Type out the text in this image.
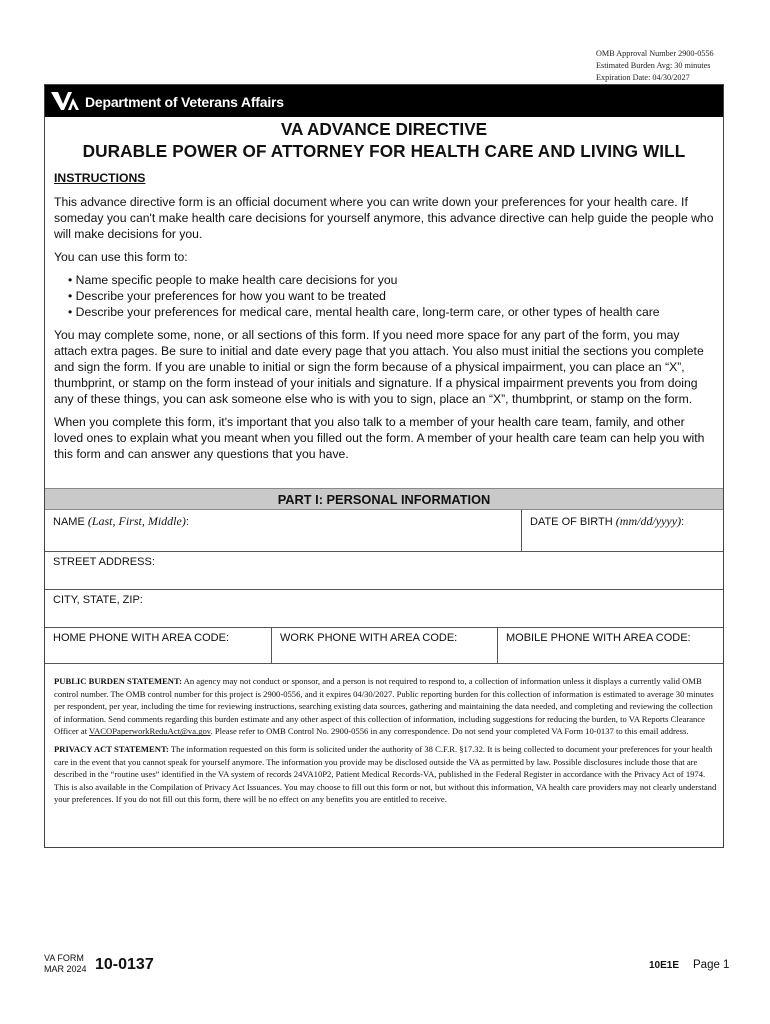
OMB Approval Number 2900-0556
Estimated Burden Avg: 30 minutes
Expiration Date: 04/30/2027
Department of Veterans Affairs
VA ADVANCE DIRECTIVE
DURABLE POWER OF ATTORNEY FOR HEALTH CARE AND LIVING WILL
INSTRUCTIONS

This advance directive form is an official document where you can write down your preferences for your health care. If someday you can't make health care decisions for yourself anymore, this advance directive can help guide the people who will make decisions for you.

You can use this form to:

• Name specific people to make health care decisions for you
• Describe your preferences for how you want to be treated
• Describe your preferences for medical care, mental health care, long-term care, or other types of health care

You may complete some, none, or all sections of this form. If you need more space for any part of the form, you may attach extra pages. Be sure to initial and date every page that you attach. You also must initial the sections you complete and sign the form. If you are unable to initial or sign the form because of a physical impairment, you can place an “X”, thumbprint, or stamp on the form instead of your initials and signature. If a physical impairment prevents you from doing any of these things, you can ask someone else who is with you to sign, place an “X”, thumbprint, or stamp on the form.

When you complete this form, it's important that you also talk to a member of your health care team, family, and other loved ones to explain what you meant when you filled out the form. A member of your health care team can help you with this form and can answer any questions that you have.

PART I: PERSONAL INFORMATION
NAME (Last, First, Middle):	DATE OF BIRTH (mm/dd/yyyy):
STREET ADDRESS:
CITY, STATE, ZIP:
HOME PHONE WITH AREA CODE:	WORK PHONE WITH AREA CODE:	MOBILE PHONE WITH AREA CODE:

PUBLIC BURDEN STATEMENT: An agency may not conduct or sponsor, and a person is not required to respond to, a collection of information unless it displays a currently valid OMB control number. The OMB control number for this project is 2900-0556, and it expires 04/30/2027. Public reporting burden for this collection of information is estimated to average 30 minutes per respondent, per year, including the time for reviewing instructions, searching existing data sources, gathering and maintaining the data needed, and completing and reviewing the collection of information. Send comments regarding this burden estimate and any other aspect of this collection of information, including suggestions for reducing the burden, to VA Reports Clearance Officer at VACOPaperworkReduAct@va.gov. Please refer to OMB Control No. 2900-0556 in any correspondence. Do not send your completed VA Form 10-0137 to this email address.

PRIVACY ACT STATEMENT: The information requested on this form is solicited under the authority of 38 C.F.R. §17.32. It is being collected to document your preferences for your health care in the event that you cannot speak for yourself anymore. The information you provide may be disclosed outside the VA as permitted by law. Possible disclosures include those that are described in the “routine uses” identified in the VA system of records 24VA10P2, Patient Medical Records-VA, published in the Federal Register in accordance with the Privacy Act of 1974. This is also available in the Compilation of Privacy Act Issuances. You may choose to fill out this form or not, but without this information, VA health care providers may not clearly understand your preferences. If you do not fill out this form, there will be no effect on any benefits you are entitled to receive.

VA FORM
MAR 2024 10-0137	10E1E Page 1
